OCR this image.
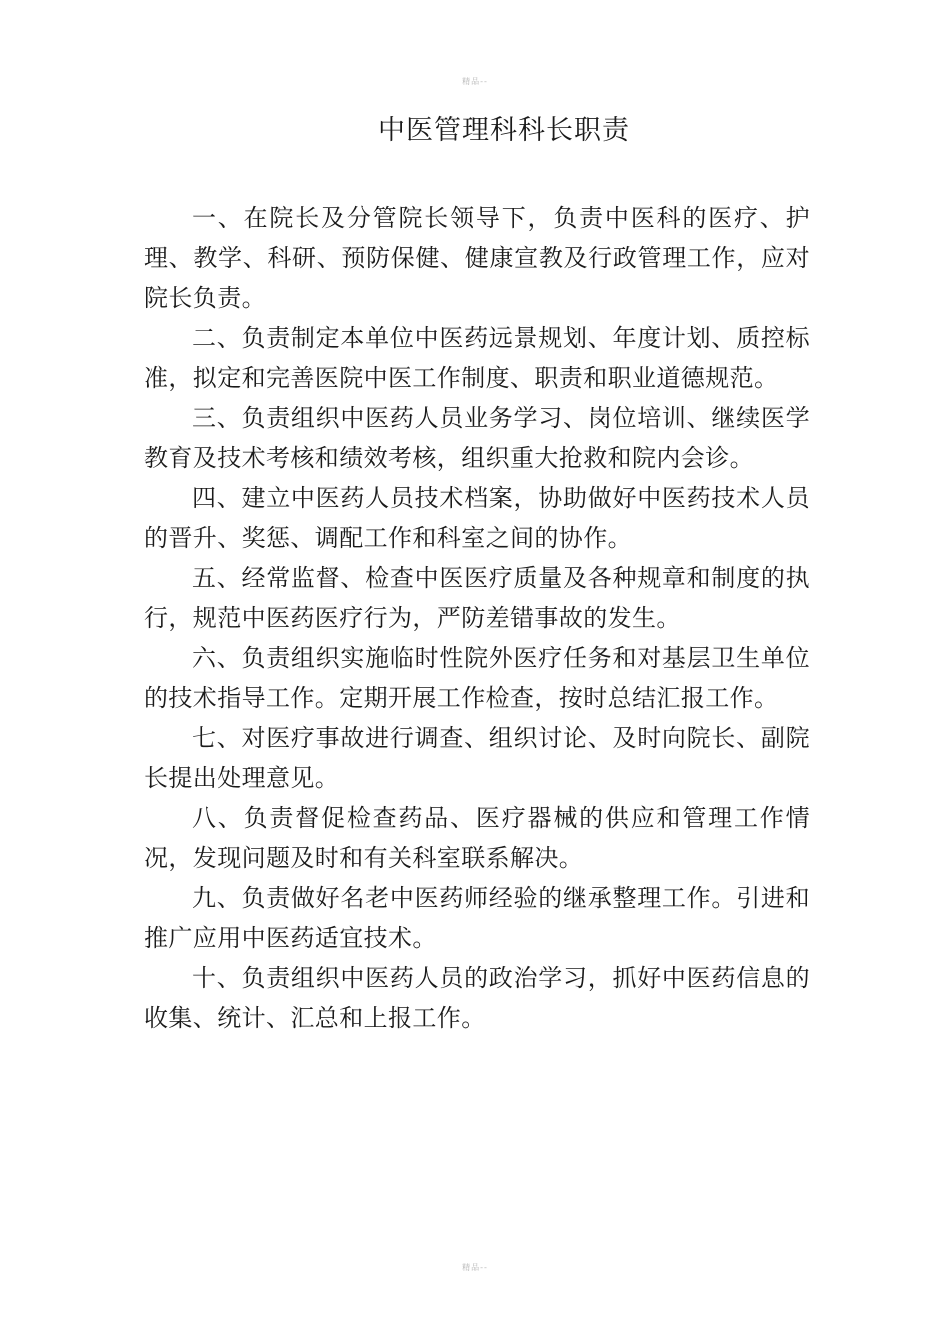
精品--
中医管理科科长职责

一、在院长及分管院长领导下，负责中医科的医疗、护理、教学、科研、预防保健、健康宣教及行政管理工作，应对院长负责。

二、负责制定本单位中医药远景规划、年度计划、质控标准，拟定和完善医院中医工作制度、职责和职业道德规范。

三、负责组织中医药人员业务学习、岗位培训、继续医学教育及技术考核和绩效考核，组织重大抢救和院内会诊。

四、建立中医药人员技术档案，协助做好中医药技术人员的晋升、奖惩、调配工作和科室之间的协作。

五、经常监督、检查中医医疗质量及各种规章和制度的执行，规范中医药医疗行为，严防差错事故的发生。

六、负责组织实施临时性院外医疗任务和对基层卫生单位的技术指导工作。定期开展工作检查，按时总结汇报工作。

七、对医疗事故进行调查、组织讨论、及时向院长、副院长提出处理意见。

八、负责督促检查药品、医疗器械的供应和管理工作情况，发现问题及时和有关科室联系解决。

九、负责做好名老中医药师经验的继承整理工作。引进和推广应用中医药适宜技术。

十、负责组织中医药人员的政治学习，抓好中医药信息的收集、统计、汇总和上报工作。

精品--
